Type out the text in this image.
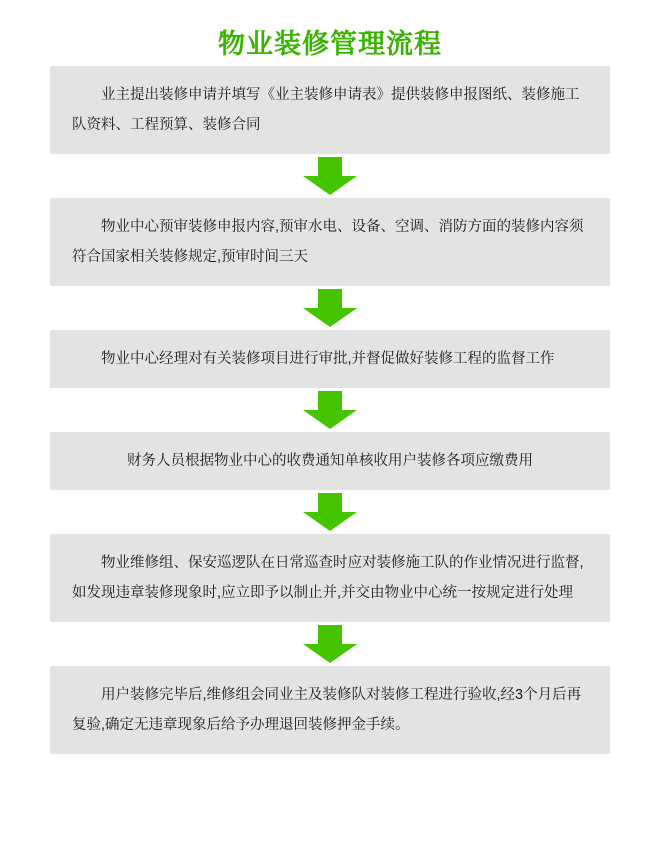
物业装修管理流程
业主提出装修申请并填写《业主装修申请表》提供装修申报图纸、装修施工队资料、工程预算、装修合同
物业中心预审装修申报内容,预审水电、设备、空调、消防方面的装修内容须符合国家相关装修规定,预审时间三天
物业中心经理对有关装修项目进行审批,并督促做好装修工程的监督工作
财务人员根据物业中心的收费通知单核收用户装修各项应缴费用
物业维修组、保安巡逻队在日常巡查时应对装修施工队的作业情况进行监督,如发现违章装修现象时,应立即予以制止并,并交由物业中心统一按规定进行处理
用户装修完毕后,维修组会同业主及装修队对装修工程进行验收,经3个月后再复验,确定无违章现象后给予办理退回装修押金手续。
